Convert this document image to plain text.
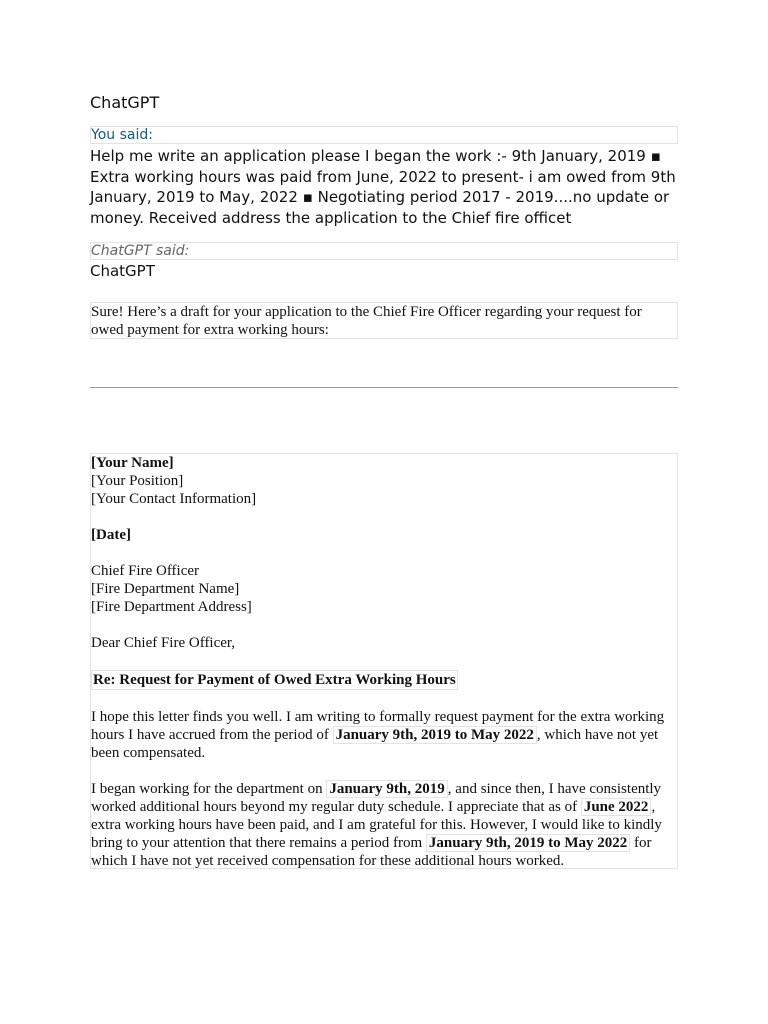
ChatGPT
You said:
Help me write an application please I began the work :- 9th January, 2019 ▪ Extra working hours was paid from June, 2022 to present- i am owed from 9th January, 2019 to May, 2022 ▪ Negotiating period 2017 - 2019....no update or money. Received address the application to the Chief fire officet
ChatGPT said:
ChatGPT
Sure! Here’s a draft for your application to the Chief Fire Officer regarding your request for owed payment for extra working hours:

[Your Name]

[Your Position]

[Your Contact Information]

[Date]

Chief Fire Officer

[Fire Department Name]

[Fire Department Address]

Dear Chief Fire Officer,

Re: Request for Payment of Owed Extra Working Hours

I hope this letter finds you well. I am writing to formally request payment for the extra working hours I have accrued from the period of January 9th, 2019 to May 2022 , which have not yet been compensated.

I began working for the department on January 9th, 2019 , and since then, I have consistently worked additional hours beyond my regular duty schedule. I appreciate that as of June 2022 , extra working hours have been paid, and I am grateful for this. However, I would like to kindly bring to your attention that there remains a period from January 9th, 2019 to May 2022 for which I have not yet received compensation for these additional hours worked.
